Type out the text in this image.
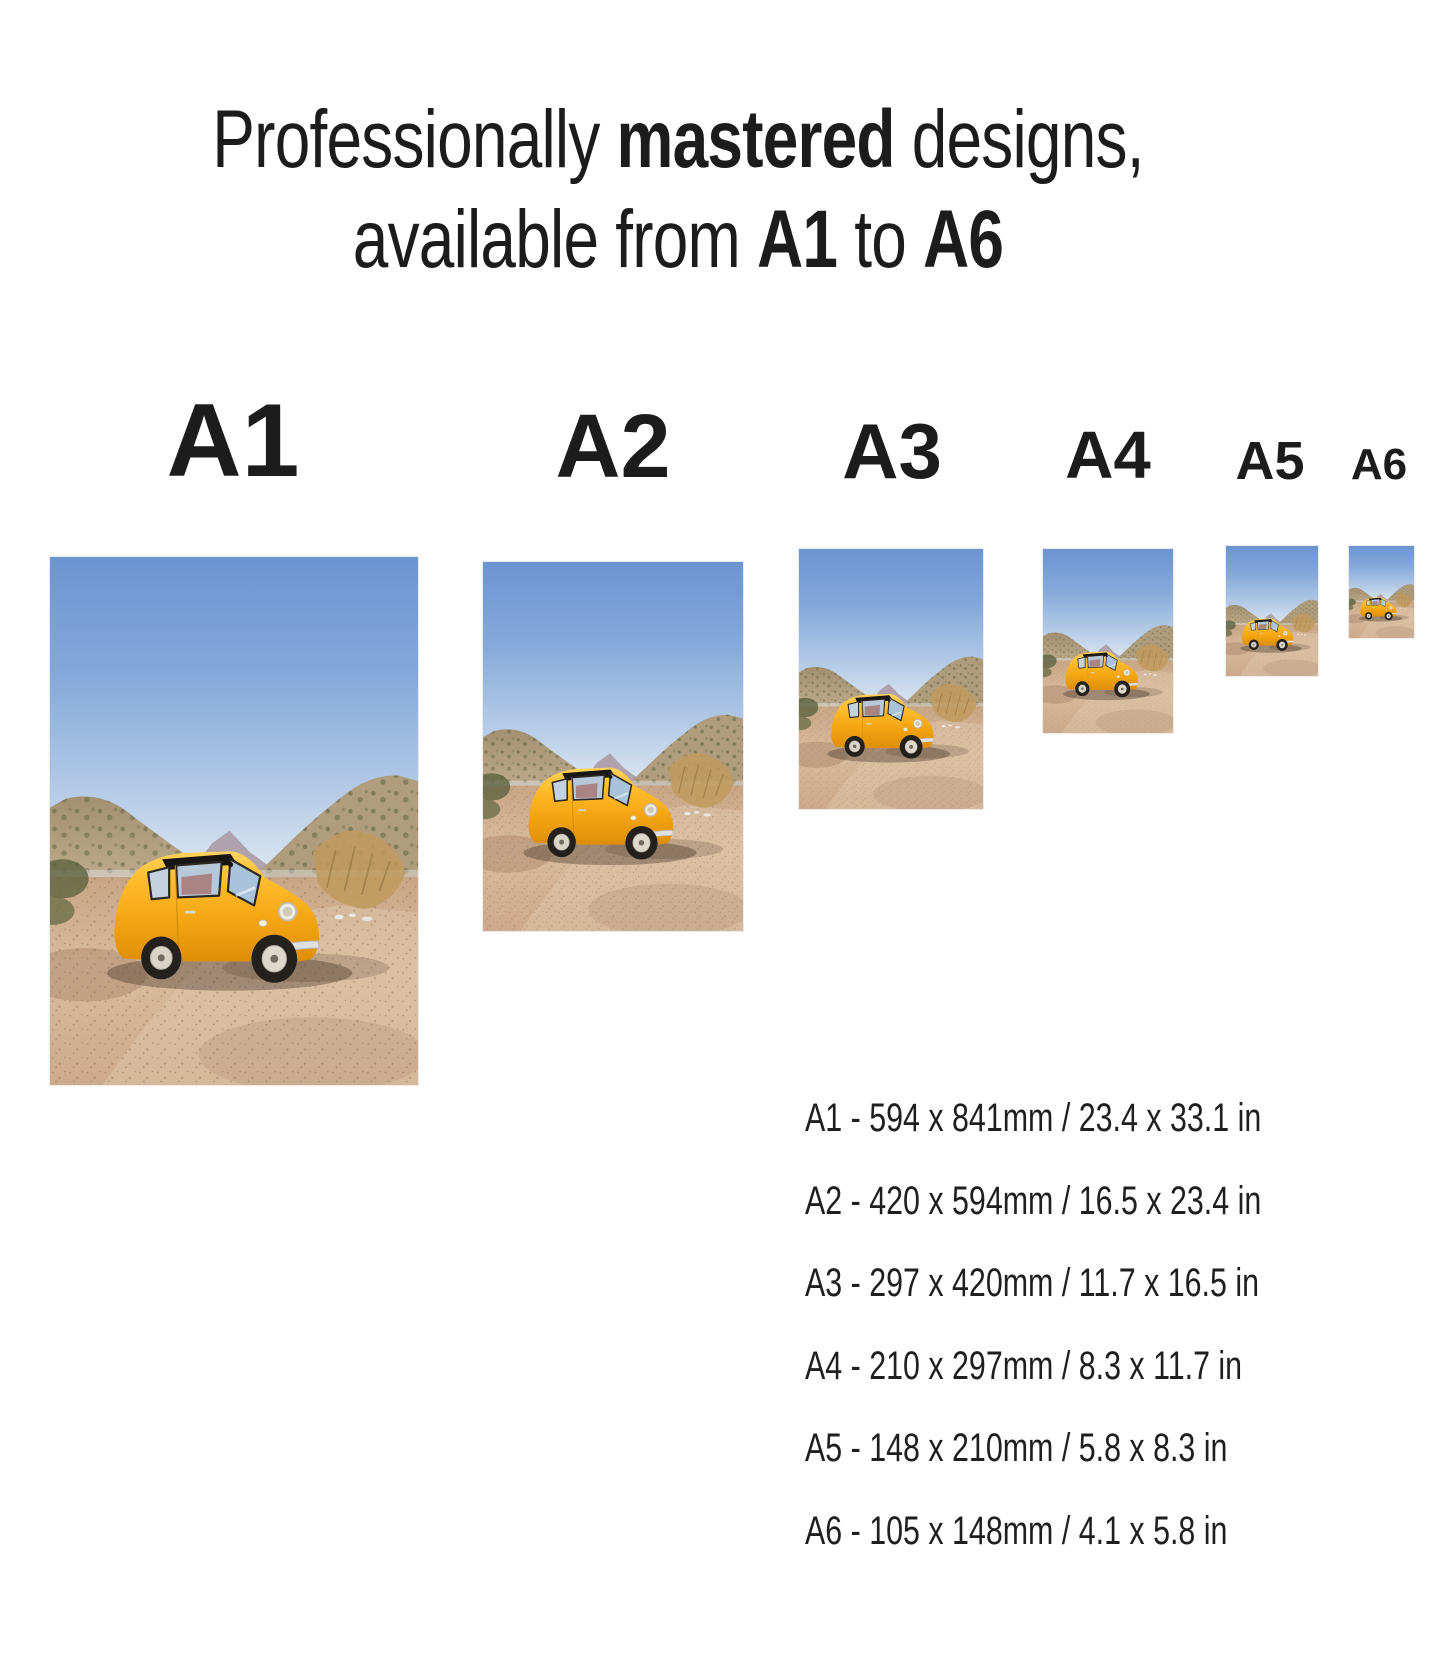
Professionally mastered designs,
available from A1 to A6
A1	A2 A3 A4 A5 A6
A1 - 594 x 841mm / 23.4 x 33.1 in
A2 - 420 x 594mm / 16.5 x 23.4 in
A3 - 297 x 420mm / 11.7 x 16.5 in
A4 - 210 x 297mm / 8.3 x 11.7 in
A5 - 148 x 210mm / 5.8 x 8.3 in
A6 - 105 x 148mm / 4.1 x 5.8 in
